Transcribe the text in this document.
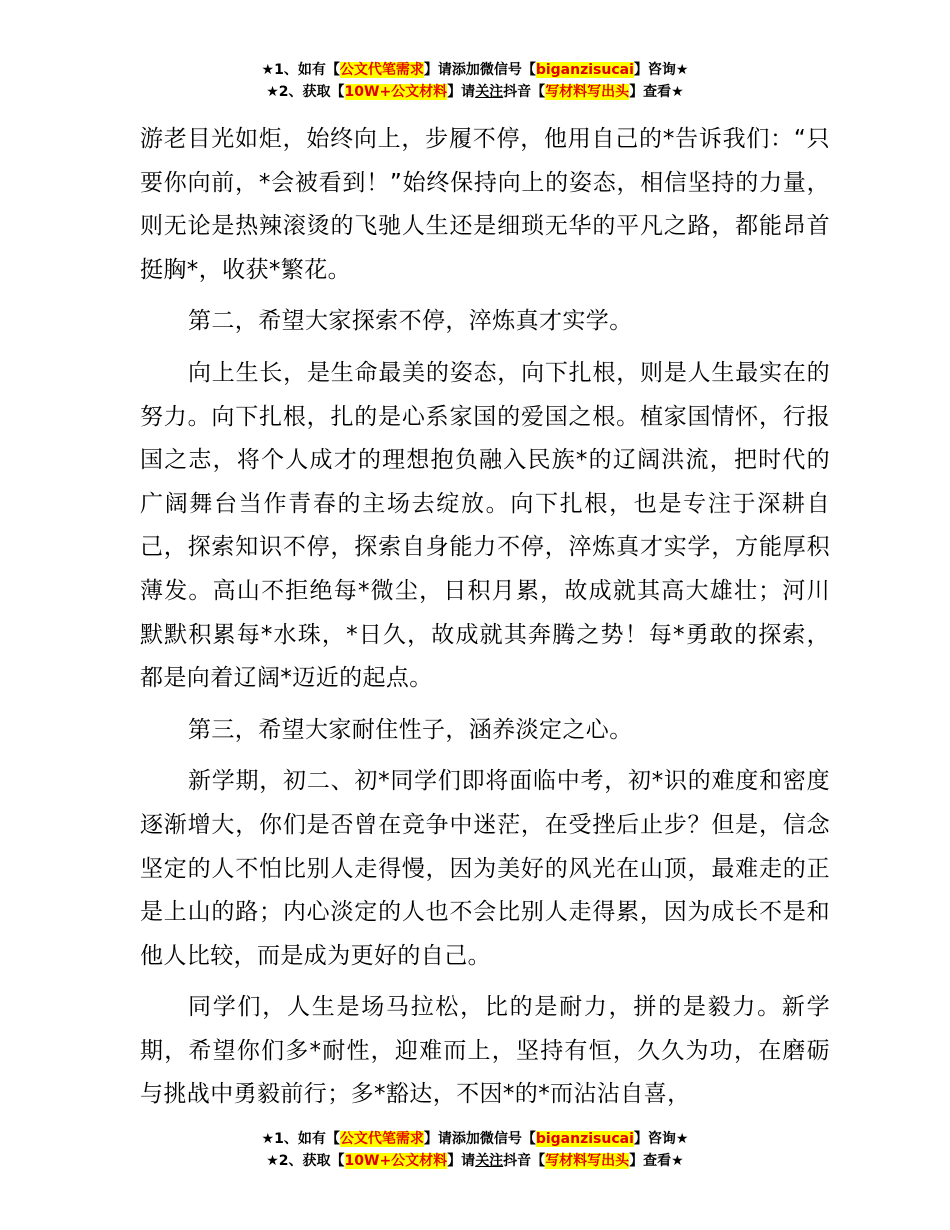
★1、如有【公文代笔需求】请添加微信号【biganzisucai】咨询★
★2、获取【10W+公文材料】请关注抖音【写材料写出头】查看★

游老目光如炬，始终向上，步履不停，他用自己的*告诉我们：“只要你向前，*会被看到！”始终保持向上的姿态，相信坚持的力量，则无论是热辣滚烫的飞驰人生还是细琐无华的平凡之路，都能昂首挺胸*，收获*繁花。

第二，希望大家探索不停，淬炼真才实学。

向上生长，是生命最美的姿态，向下扎根，则是人生最实在的努力。向下扎根，扎的是心系家国的爱国之根。植家国情怀，行报国之志，将个人成才的理想抱负融入民族*的辽阔洪流，把时代的广阔舞台当作青春的主场去绽放。向下扎根，也是专注于深耕自己，探索知识不停，探索自身能力不停，淬炼真才实学，方能厚积薄发。高山不拒绝每*微尘，日积月累，故成就其高大雄壮；河川默默积累每*水珠，*日久，故成就其奔腾之势！每*勇敢的探索，都是向着辽阔*迈近的起点。

第三，希望大家耐住性子，涵养淡定之心。

新学期，初二、初*同学们即将面临中考，初*识的难度和密度逐渐增大，你们是否曾在竞争中迷茫，在受挫后止步？但是，信念坚定的人不怕比别人走得慢，因为美好的风光在山顶，最难走的正是上山的路；内心淡定的人也不会比别人走得累，因为成长不是和他人比较，而是成为更好的自己。

同学们，人生是场马拉松，比的是耐力，拼的是毅力。新学期，希望你们多*耐性，迎难而上，坚持有恒，久久为功，在磨砺与挑战中勇毅前行；多*豁达，不因*的*而沾沾自喜，

★1、如有【公文代笔需求】请添加微信号【biganzisucai】咨询★
★2、获取【10W+公文材料】请关注抖音【写材料写出头】查看★
